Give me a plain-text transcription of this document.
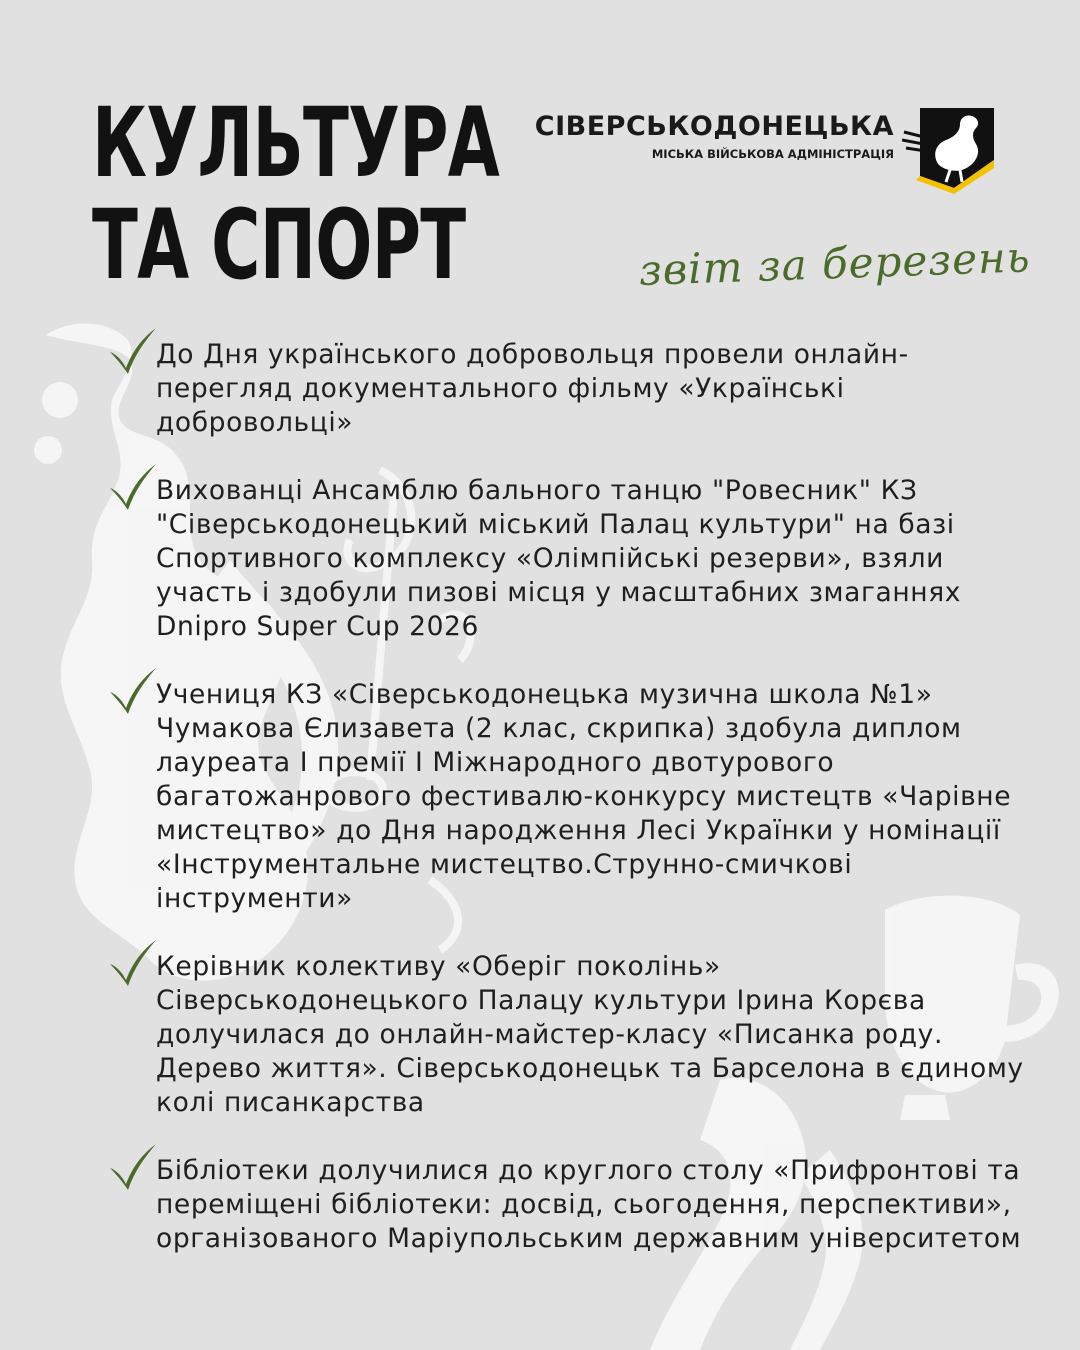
КУЛЬТУРА
ТА СПОРТ
СІВЕРСЬКОДОНЕЦЬКА
МІСЬКА ВІЙСЬКОВА АДМІНІСТРАЦІЯ
звіт за березень

До Дня українського добровольця провели онлайн-перегляд документального фільму «Українські добровольці»

Вихованці Ансамблю бального танцю "Ровесник" КЗ "Сіверськодонецький міський Палац культури" на базі Спортивного комплексу «Олімпійські резерви», взяли участь і здобули пизові місця у масштабних змаганнях Dnipro Super Cup 2026

Учениця КЗ «Сіверськодонецька музична школа №1» Чумакова Єлизавета (2 клас, скрипка) здобула диплом лауреата І премії І Міжнародного двотурового багатожанрового фестивалю-конкурсу мистецтв «Чарівне мистецтво» до Дня народження Лесі Українки у номінації «Інструментальне мистецтво.Струнно-смичкові інструменти»

Керівник колективу «Оберіг поколінь» Сіверськодонецького Палацу культури Ірина Корєва долучилася до онлайн-майстер-класу «Писанка роду. Дерево життя». Сіверськодонецьк та Барселона в єдиному колі писанкарства

Бібліотеки долучилися до круглого столу «Прифронтові та переміщені бібліотеки: досвід, сьогодення, перспективи», організованого Маріупольським державним університетом
